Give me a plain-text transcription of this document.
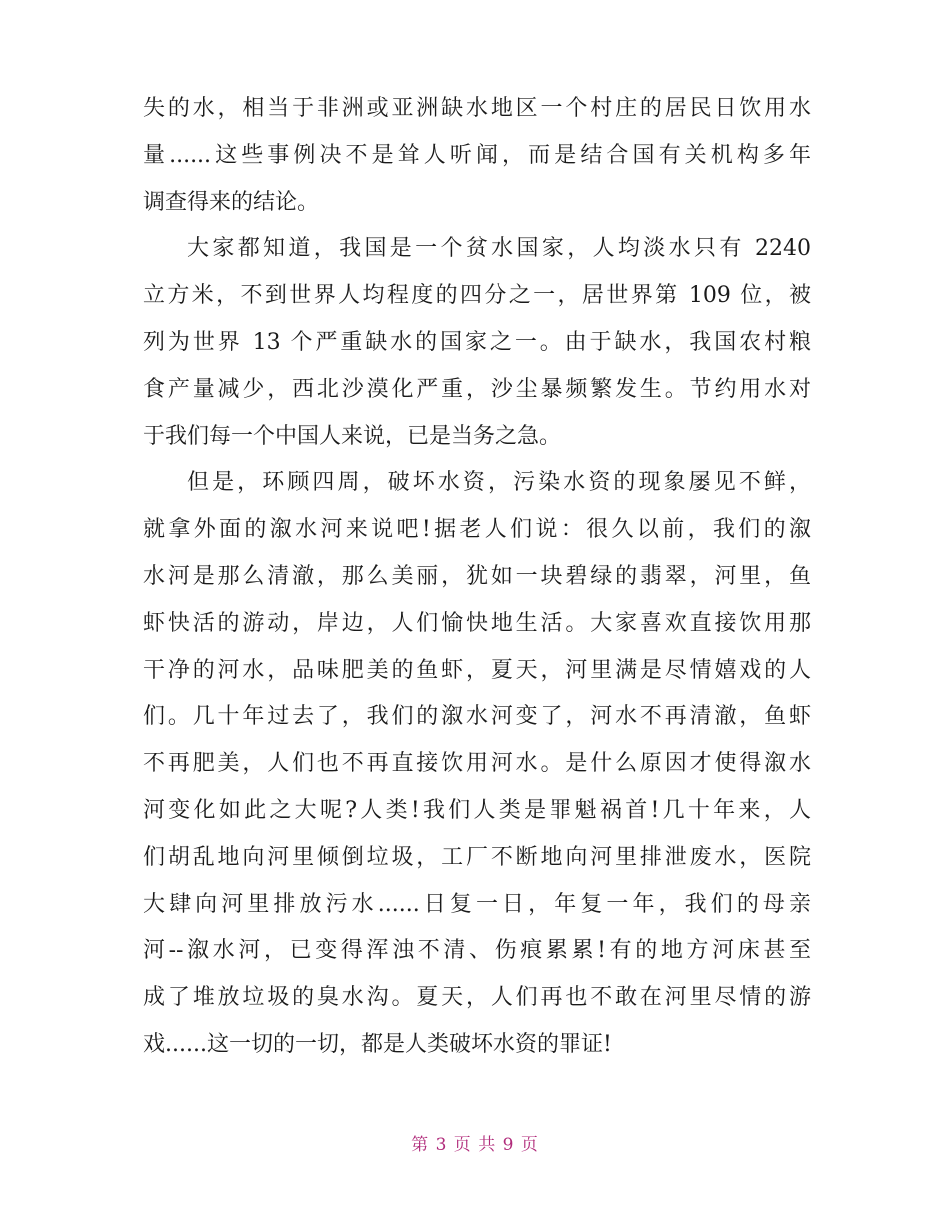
失的水，相当于非洲或亚洲缺水地区一个村庄的居民日饮用水
量......这些事例决不是耸人听闻，而是结合国有关机构多年
调查得来的结论。
大家都知道，我国是一个贫水国家，人均淡水只有 2240
立方米，不到世界人均程度的四分之一，居世界第 109 位，被
列为世界 13 个严重缺水的国家之一。由于缺水，我国农村粮
食产量减少，西北沙漠化严重，沙尘暴频繁发生。节约用水对
于我们每一个中国人来说，已是当务之急。
但是，环顾四周，破坏水资，污染水资的现象屡见不鲜，
就拿外面的溆水河来说吧!据老人们说：很久以前，我们的溆
水河是那么清澈，那么美丽，犹如一块碧绿的翡翠，河里，鱼
虾快活的游动，岸边，人们愉快地生活。大家喜欢直接饮用那
干净的河水，品味肥美的鱼虾，夏天，河里满是尽情嬉戏的人
们。几十年过去了，我们的溆水河变了，河水不再清澈，鱼虾
不再肥美，人们也不再直接饮用河水。是什么原因才使得溆水
河变化如此之大呢?人类!我们人类是罪魁祸首!几十年来，人
们胡乱地向河里倾倒垃圾，工厂不断地向河里排泄废水，医院
大肆向河里排放污水......日复一日，年复一年，我们的母亲
河--溆水河，已变得浑浊不清、伤痕累累!有的地方河床甚至
成了堆放垃圾的臭水沟。夏天，人们再也不敢在河里尽情的游
戏......这一切的一切，都是人类破坏水资的罪证!
第 3 页 共 9 页
